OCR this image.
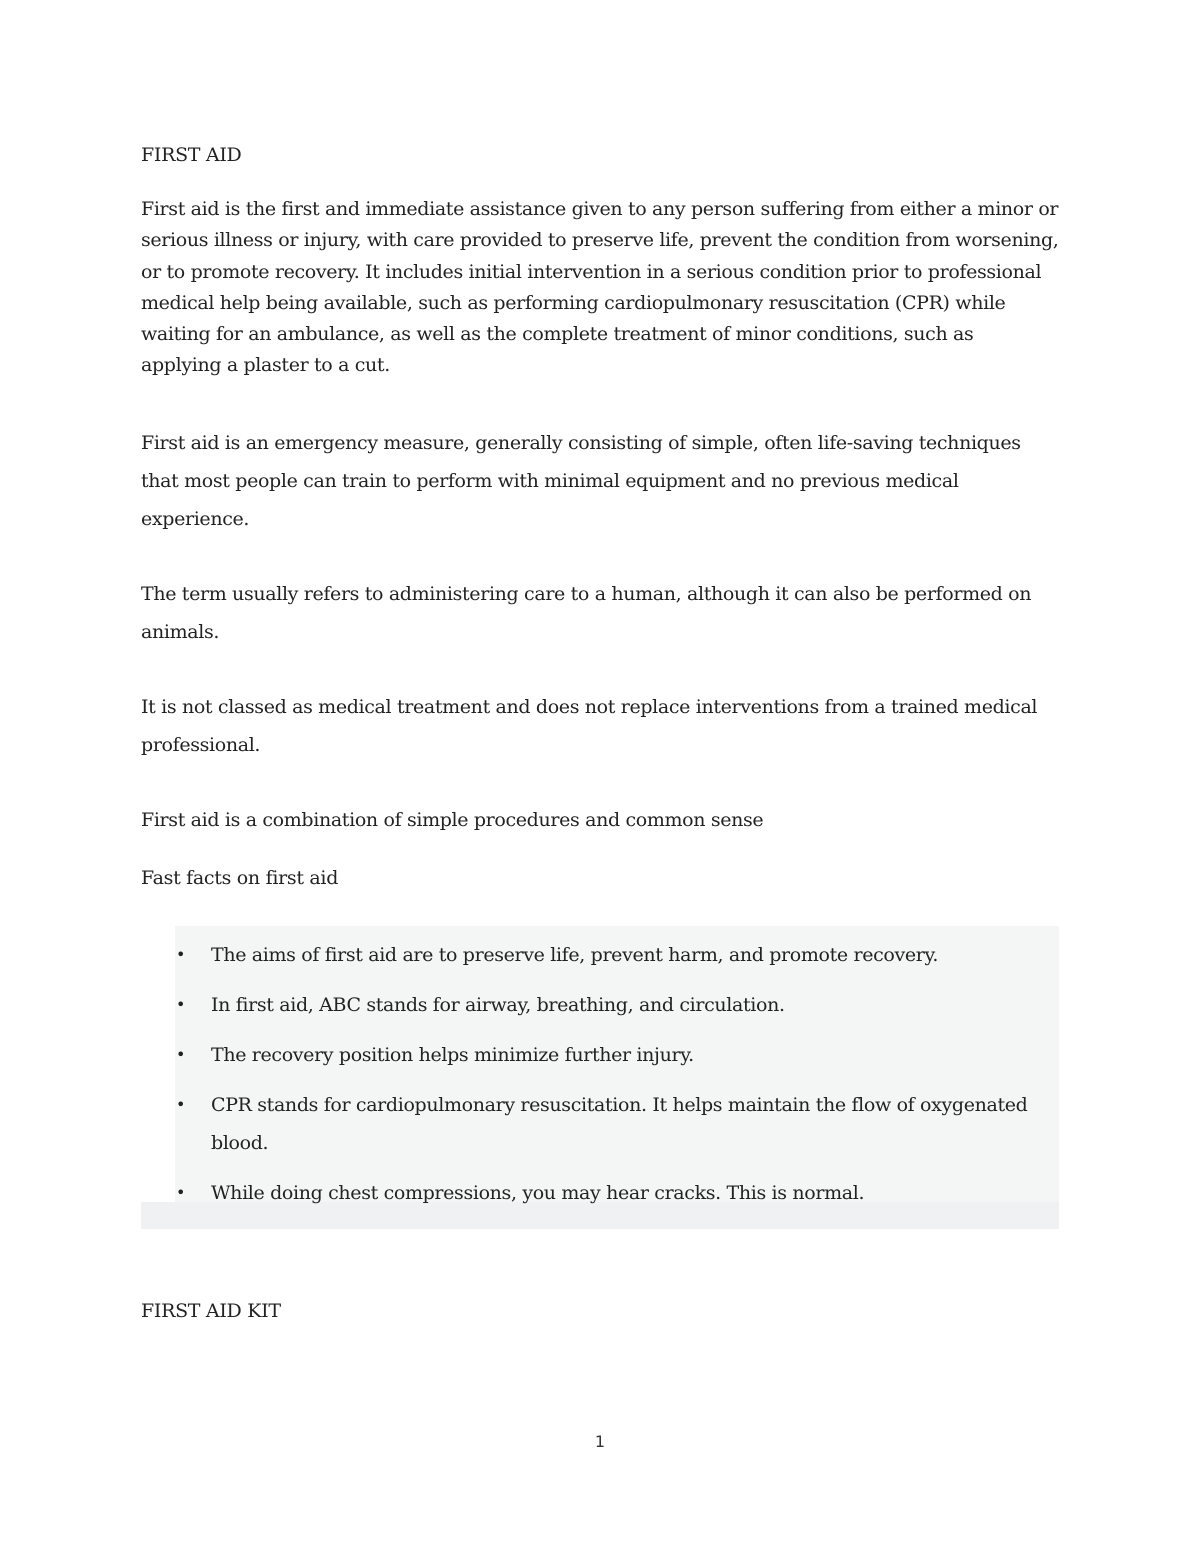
FIRST AID

First aid is the first and immediate assistance given to any person suffering from either a minor or serious illness or injury, with care provided to preserve life, prevent the condition from worsening, or to promote recovery. It includes initial intervention in a serious condition prior to professional medical help being available, such as performing cardiopulmonary resuscitation (CPR) while waiting for an ambulance, as well as the complete treatment of minor conditions, such as applying a plaster to a cut.

First aid is an emergency measure, generally consisting of simple, often life-saving techniques that most people can train to perform with minimal equipment and no previous medical experience.

The term usually refers to administering care to a human, although it can also be performed on animals.

It is not classed as medical treatment and does not replace interventions from a trained medical professional.

First aid is a combination of simple procedures and common sense

Fast facts on first aid
• The aims of first aid are to preserve life, prevent harm, and promote recovery.
• In first aid, ABC stands for airway, breathing, and circulation.
• The recovery position helps minimize further injury.
• CPR stands for cardiopulmonary resuscitation. It helps maintain the flow of oxygenated blood.
• While doing chest compressions, you may hear cracks. This is normal.
FIRST AID KIT
1
